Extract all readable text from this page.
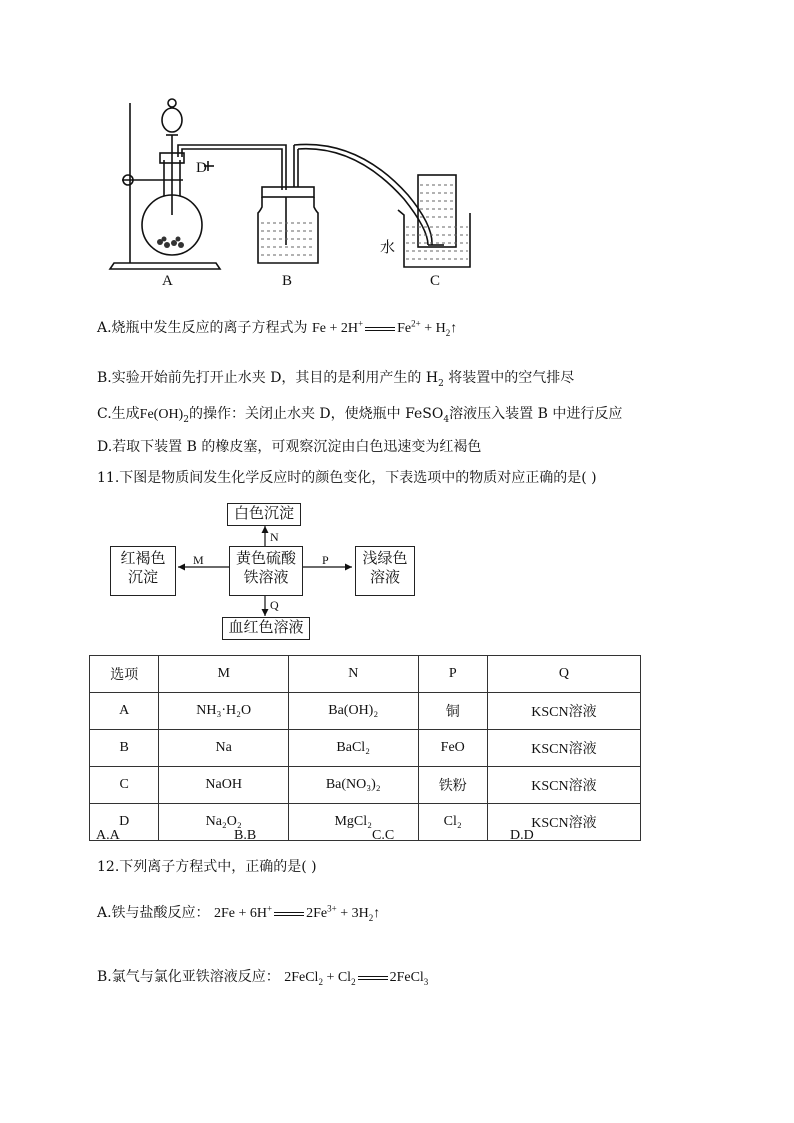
A	B	C
D
水
A.烧瓶中发生反应的离子方程式为 Fe + 2H+ $Fe^{2+}$ + $H_2↑$
B.实验开始前先打开止水夹 D，其目的是利用产生的 $H_2$ 将装置中的空气排尽
C.生成$Fe(OH)_2$的操作：关闭止水夹 D，使烧瓶中 FeSO$_4$溶液压入装置 B 中进行反应
D.若取下装置 B 的橡皮塞，可观察沉淀由白色迅速变为红褐色
11.下图是物质间发生化学反应时的颜色变化，下表选项中的物质对应正确的是( )
N
M	P
Q
白色沉淀
黄色硫酸
铁溶液
红褐色
沉淀
浅绿色
溶液
血红色溶液
选项	M	N	P	Q
A	NH₃·H₂O	Ba(OH)₂	铜	KSCN溶液
B	Na	BaCl₂	FeO	KSCN溶液
C	NaOH	Ba(NO₃)₂	铁粉	KSCN溶液
D	Na₂O₂	MgCl₂	Cl₂	KSCN溶液
A.A	B.B	C.C	D.D
12.下列离子方程式中，正确的是( )
A.铁与盐酸反应： 2Fe + 6H+ $2Fe^{3+}$ + $3H_2↑$
B.氯气与氯化亚铁溶液反应： 2FeCl$_2$ + $Cl_2$ 2FeCl$_3$
